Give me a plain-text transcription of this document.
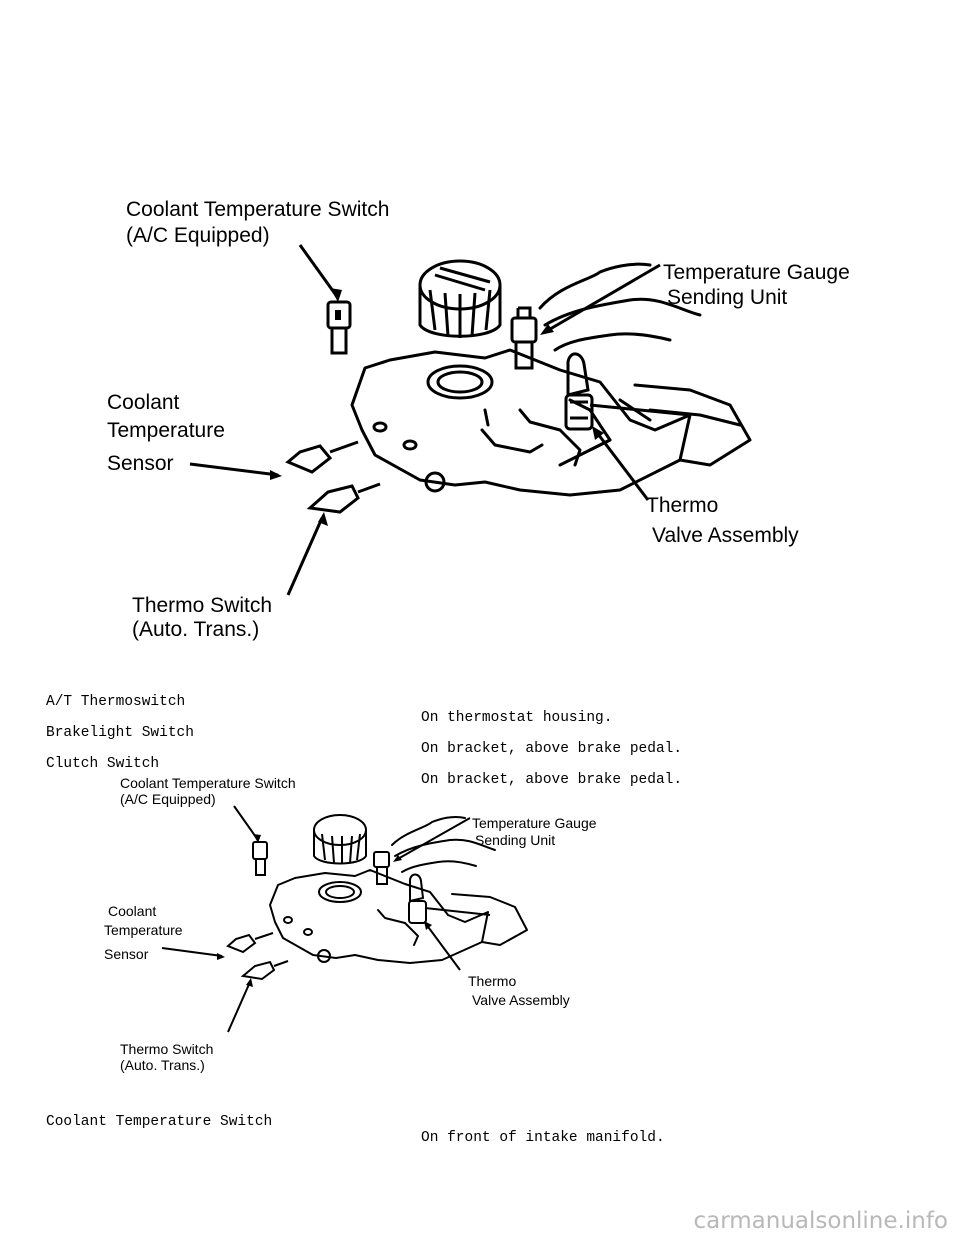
Coolant Temperature Switch
(A/C Equipped)
Temperature Gauge
Sending Unit
Coolant
Temperature
Sensor
Thermo
Valve Assembly
Thermo Switch
(Auto. Trans.)

A/T Thermoswitch

On thermostat housing.

Brakelight Switch

On bracket, above brake pedal.

Clutch Switch

On bracket, above brake pedal.

Coolant Temperature Switch
(A/C Equipped)
Temperature Gauge
Sending Unit
Coolant
Temperature
Sensor
Thermo
Valve Assembly
Thermo Switch
(Auto. Trans.)

Coolant Temperature Switch

On front of intake manifold.

carmanualsonline.info
